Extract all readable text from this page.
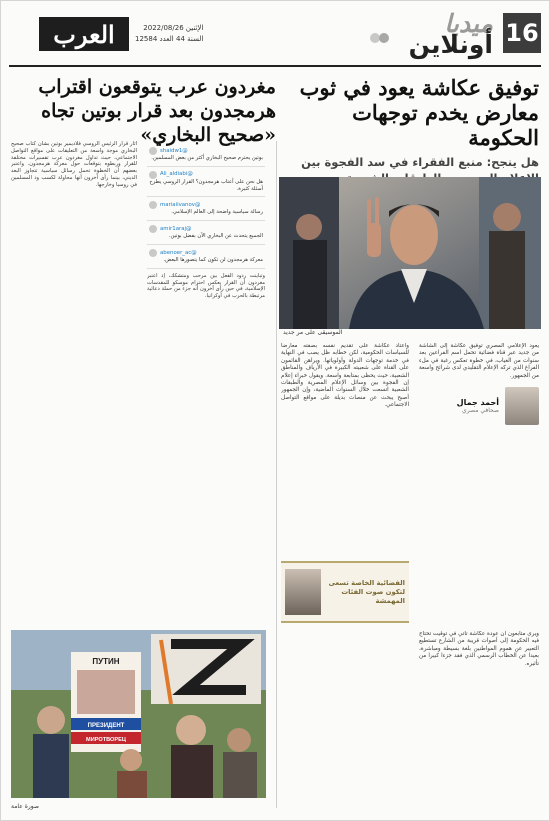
16
ميديا
أونلاين
العرب	الإثنين 2022/08/26
السنة 44 العدد 12584
توفيق عكاشة يعود في ثوب معارض يخدم توجهات الحكومة
هل ينجح: منبع الفقراء في سد الفجوة بين
مغردون عرب يتوقعون اقتراب هرمجدون بعد قرار بوتين تجاه «صحيح البخاري»
الموسيقى على مر جديد

يعود الإعلامي المصري توفيق عكاشة إلى الشاشة من جديد عبر قناة فضائية تحمل اسم الفراعين بعد سنوات من الغياب، في خطوة تعكس رغبة في ملء الفراغ الذي تركه الإعلام التقليدي لدى شرائح واسعة من الجمهور.

أحمد جمال
صحافي مصري

ويرى متابعون أن عودة عكاشة تأتي في توقيت تحتاج فيه الحكومة إلى أصوات قريبة من الشارع تستطيع التعبير عن هموم المواطنين بلغة بسيطة ومباشرة، بعيدا عن الخطاب الرسمي الذي فقد جزءا كبيرا من تأثيره.

واعتاد عكاشة على تقديم نفسه بصفته معارضا للسياسات الحكومية، لكن خطابه ظل يصب في النهاية في خدمة توجهات الدولة وأولوياتها. ويراهن القائمون على القناة على شعبيته الكبيرة في الأرياف والمناطق الشعبية، حيث يحظى بمتابعة واسعة. ويقول خبراء إعلام إن الفجوة بين وسائل الإعلام المصرية والطبقات الشعبية اتسعت خلال السنوات الماضية، وإن الجمهور أصبح يبحث عن منصات بديلة على مواقع التواصل الاجتماعي.

الفضائية الخاصة تسعى لتكون صوت الفئات المهمشة

أثار قرار الرئيس الروسي فلاديمير بوتين بشأن كتاب صحيح البخاري موجة واسعة من التعليقات على مواقع التواصل الاجتماعي، حيث تداول مغردون عرب تفسيرات مختلفة للقرار وربطوه بتوقعات حول معركة هرمجدون. واعتبر بعضهم أن الخطوة تحمل رسائل سياسية تتجاوز البعد الديني، بينما رأى آخرون أنها محاولة لكسب ود المسلمين في روسيا وخارجها.

@shaidw1
بوتين يحترم صحيح البخاري أكثر من بعض المسلمين.
@Ali_aldiabi
هل نحن على أعتاب هرمجدون؟ القرار الروسي يطرح أسئلة كثيرة.
@mariaiivanov
رسالة سياسية واضحة إلى العالم الإسلامي.
@amir1araj
الجميع يتحدث عن البخاري الآن بفضل بوتين.
@abenoer_ac
معركة هرمجدون لن تكون كما يتصورها البعض.

وتباينت ردود الفعل بين مرحب ومتشكك، إذ اعتبر مغردون أن القرار يعكس احترام موسكو للمقدسات الإسلامية، في حين رأى آخرون أنه جزء من حملة دعائية مرتبطة بالحرب في أوكرانيا.

ПУТИН
ПРЕЗИДЕНТ
МИРОТВОРЕЦ
صورة عامة
